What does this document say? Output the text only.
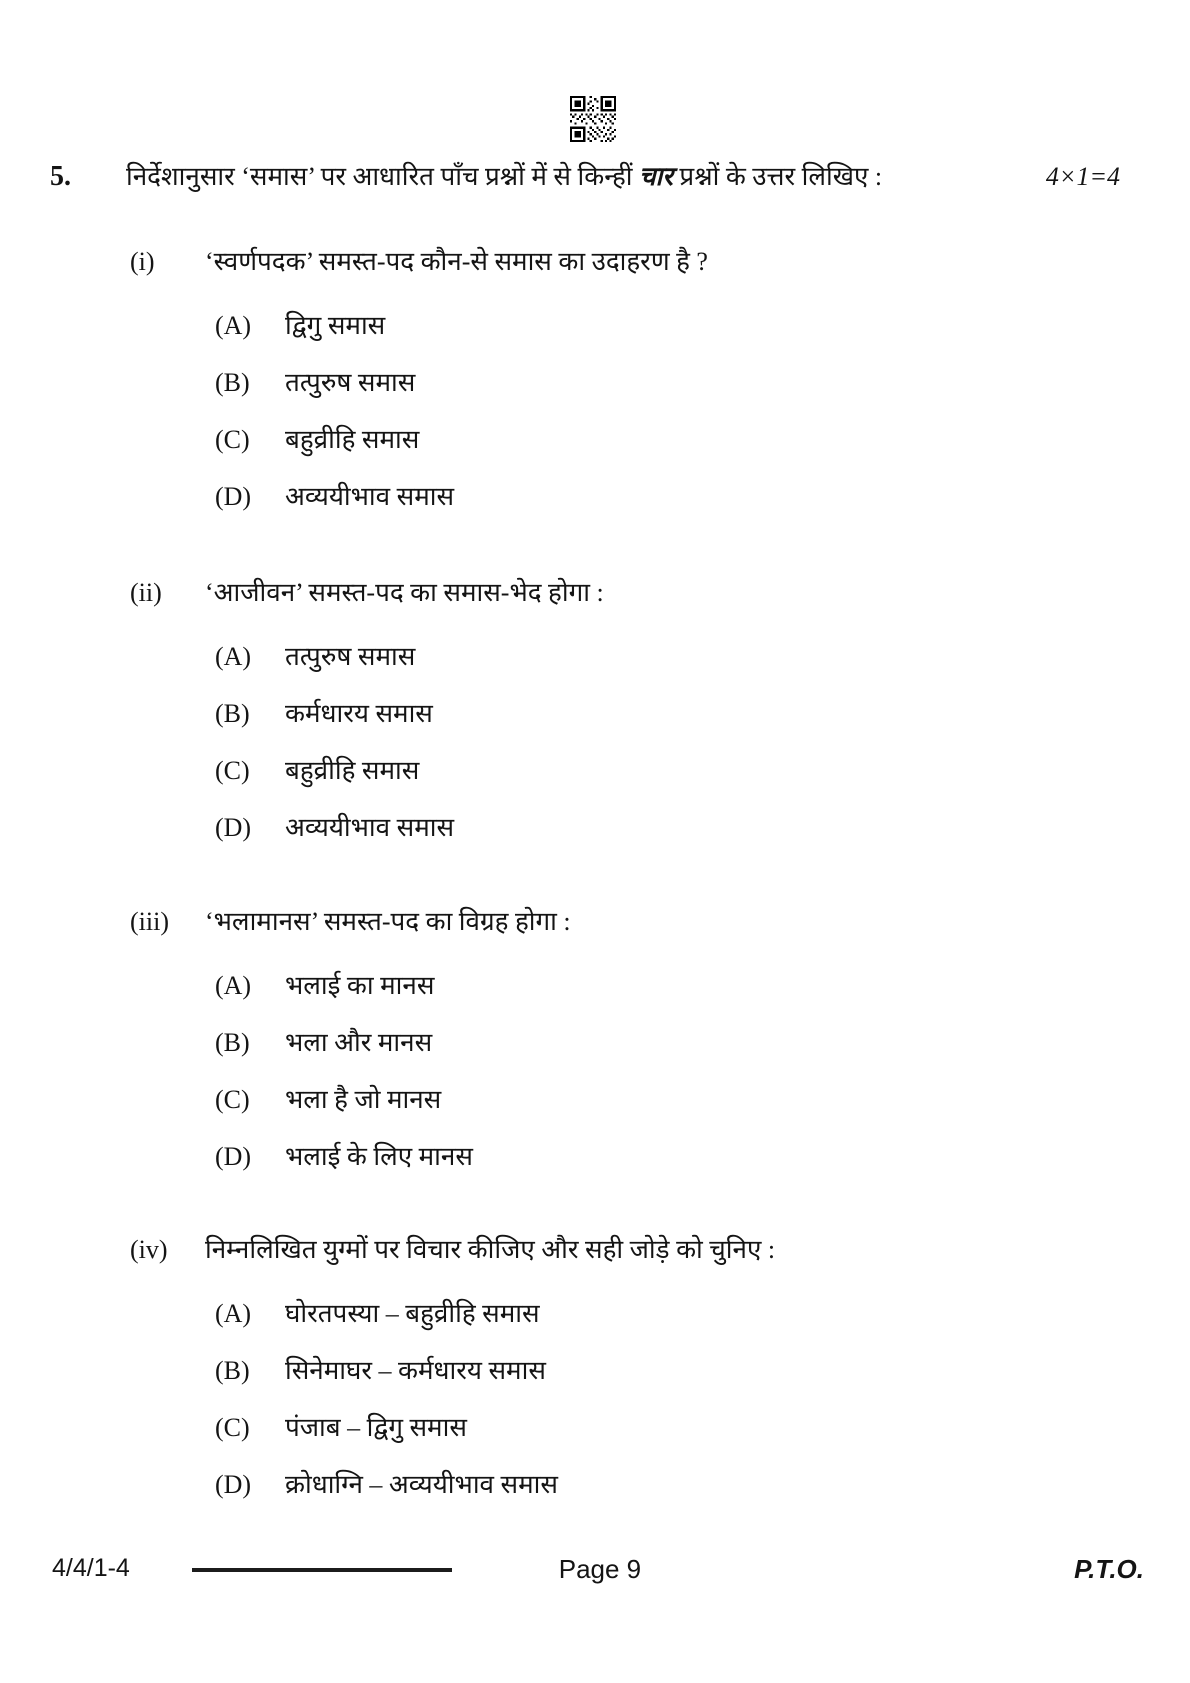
5.	निर्देशानुसार ‘समास’ पर आधारित पाँच प्रश्नों में से किन्हीं चार प्रश्नों के उत्तर लिखिए :	4×1=4
(i) ‘स्वर्णपदक’ समस्त-पद कौन-से समास का उदाहरण है ?
(A) द्विगु समास
(B) तत्पुरुष समास
(C) बहुव्रीहि समास
(D) अव्ययीभाव समास
(ii) ‘आजीवन’ समस्त-पद का समास-भेद होगा :
(A) तत्पुरुष समास
(B) कर्मधारय समास
(C) बहुव्रीहि समास
(D) अव्ययीभाव समास
(iii) ‘भलामानस’ समस्त-पद का विग्रह होगा :
(A) भलाई का मानस
(B) भला और मानस
(C) भला है जो मानस
(D) भलाई के लिए मानस
(iv) निम्नलिखित युग्मों पर विचार कीजिए और सही जोड़े को चुनिए :
(A) घोरतपस्या – बहुव्रीहि समास
(B) सिनेमाघर – कर्मधारय समास
(C) पंजाब – द्विगु समास
(D) क्रोधाग्नि – अव्ययीभाव समास
4/4/1-4	Page 9	P.T.O.
